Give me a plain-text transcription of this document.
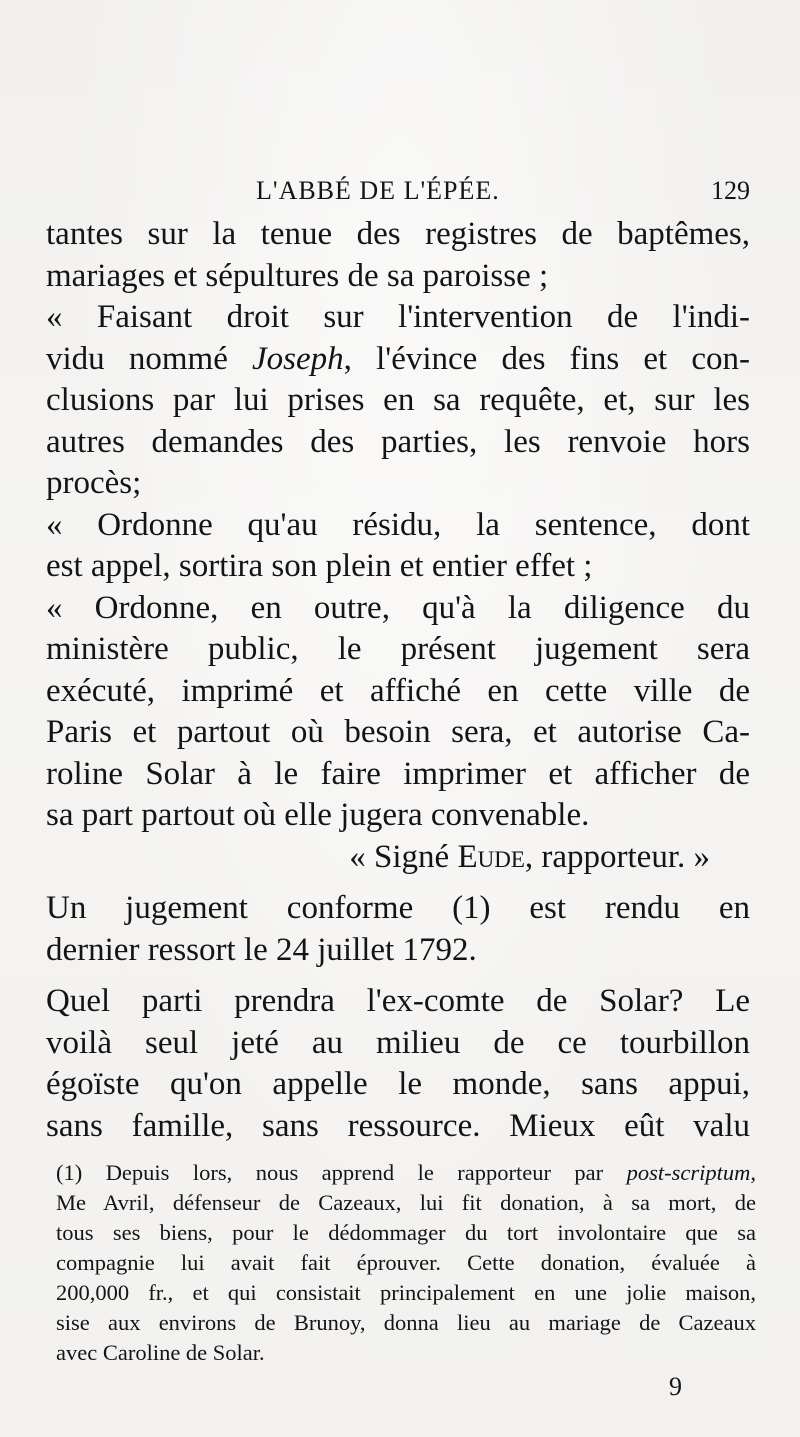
L'ABBÉ DE L'ÉPÉE.	129
tantes sur la tenue des registres de baptêmes,
mariages et sépultures de sa paroisse ;
« Faisant droit sur l'intervention de l'indi-
vidu nommé Joseph, l'évince des fins et con-
clusions par lui prises en sa requête, et, sur les
autres demandes des parties, les renvoie hors
procès;
« Ordonne qu'au résidu, la sentence, dont
est appel, sortira son plein et entier effet ;
« Ordonne, en outre, qu'à la diligence du
ministère public, le présent jugement sera
exécuté, imprimé et affiché en cette ville de
Paris et partout où besoin sera, et autorise Ca-
roline Solar à le faire imprimer et afficher de
sa part partout où elle jugera convenable.
« Signé Eude, rapporteur. »
Un jugement conforme (1) est rendu en
dernier ressort le 24 juillet 1792.
Quel parti prendra l'ex-comte de Solar? Le
voilà seul jeté au milieu de ce tourbillon
égoïste qu'on appelle le monde, sans appui,
sans famille, sans ressource. Mieux eût valu
(1) Depuis lors, nous apprend le rapporteur par post-scriptum,
Me Avril, défenseur de Cazeaux, lui fit donation, à sa mort, de
tous ses biens, pour le dédommager du tort involontaire que sa
compagnie lui avait fait éprouver. Cette donation, évaluée à
200,000 fr., et qui consistait principalement en une jolie maison,
sise aux environs de Brunoy, donna lieu au mariage de Cazeaux
avec Caroline de Solar.
9
